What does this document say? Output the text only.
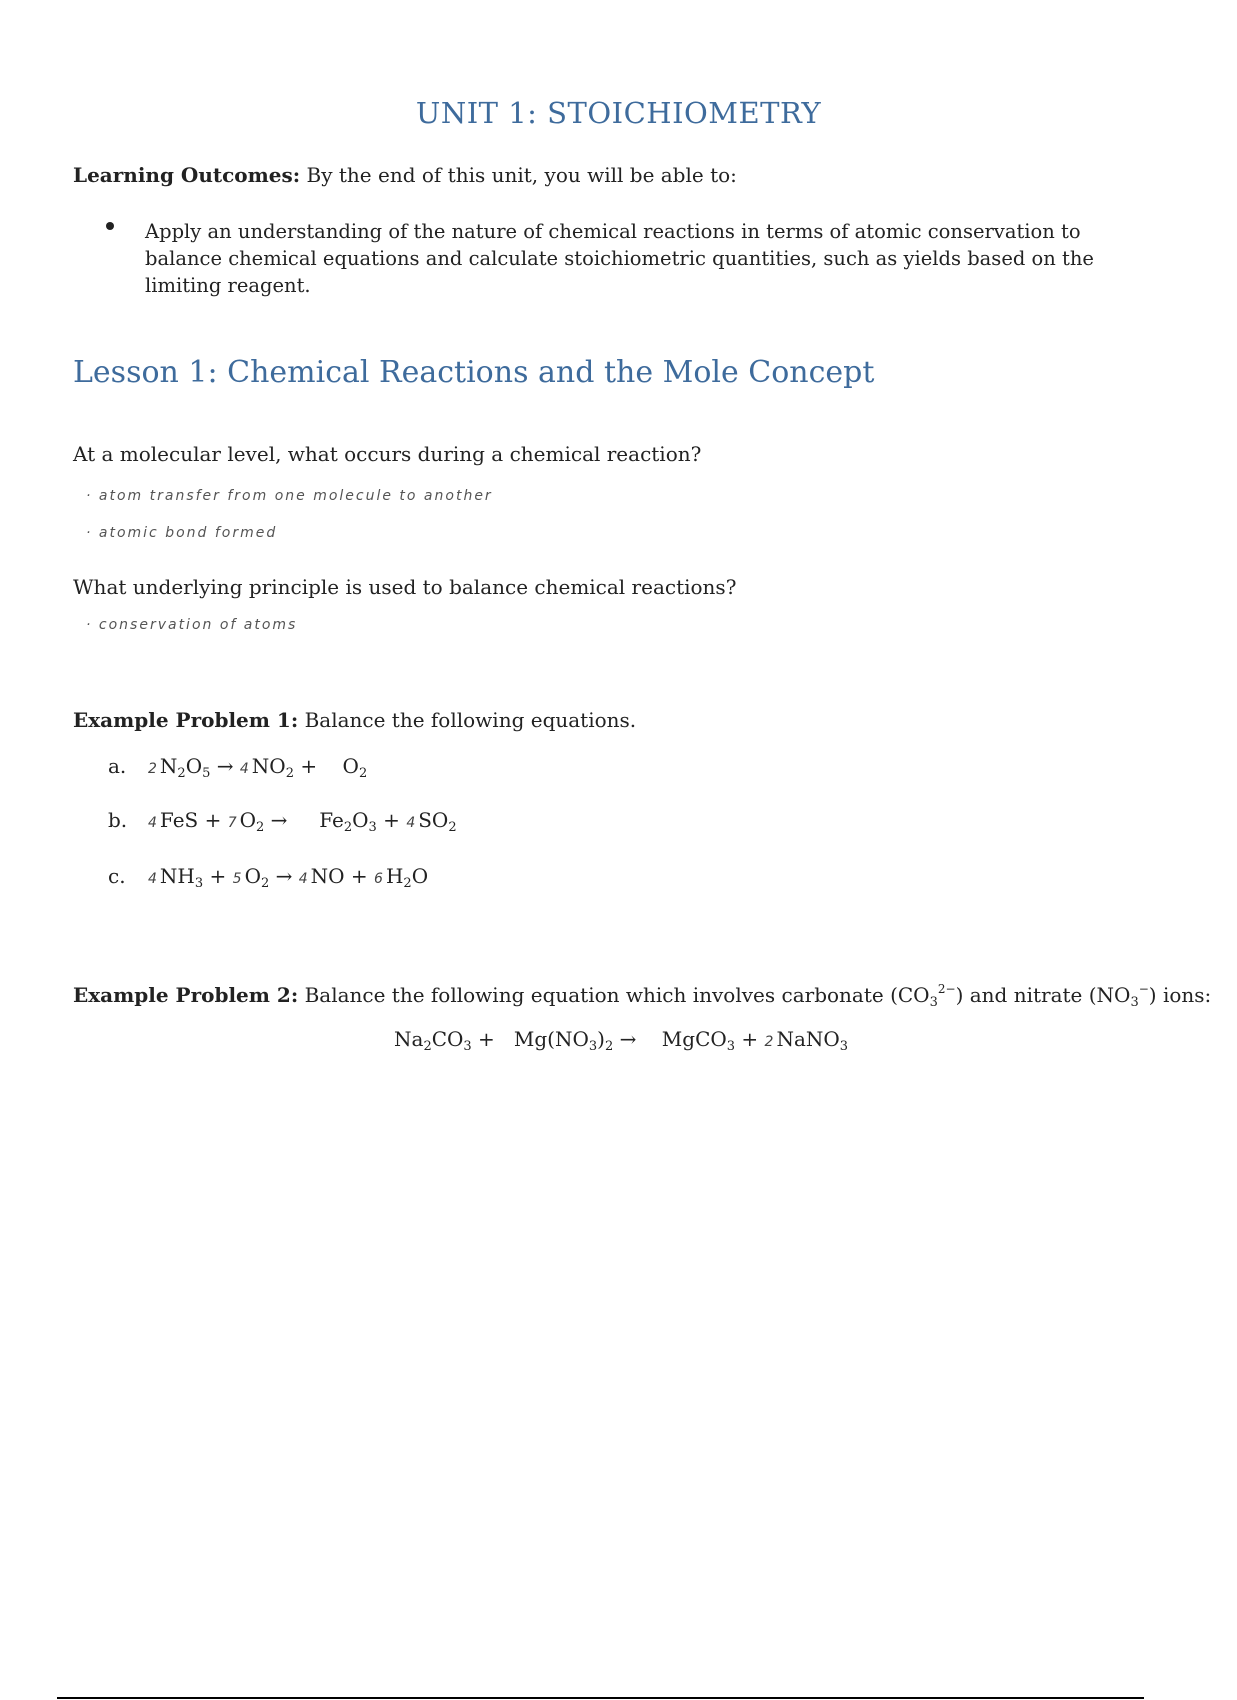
UNIT 1: STOICHIOMETRY
Learning Outcomes: By the end of this unit, you will be able to:
Apply an understanding of the nature of chemical reactions in terms of atomic conservation to balance chemical equations and calculate stoichiometric quantities, such as yields based on the limiting reagent.
Lesson 1: Chemical Reactions and the Mole Concept
At a molecular level, what occurs during a chemical reaction?
· atom transfer from one molecule to another
· atomic bond formed
What underlying principle is used to balance chemical reactions?
· conservation of atoms
Example Problem 1: Balance the following equations.
a. 2 $N_2O_5 \to 4$ $NO_2$ +    $O_2$
b. 4 FeS + 7 $O_2$ →     $Fe_2O_3 + 4$ $SO_2$
c. 4 $NH_3 + 5$ $O_2 \to 4$ NO + 6 $H_2O$
Example Problem 2: Balance the following equation which involves carbonate $(CO_3^{2-})$ and nitrate $(NO_3^-)$ ions:
$Na_2CO_3 + Mg(NO_3)_2$ →    MgCO$_3$ + 2 NaNO$_3$
